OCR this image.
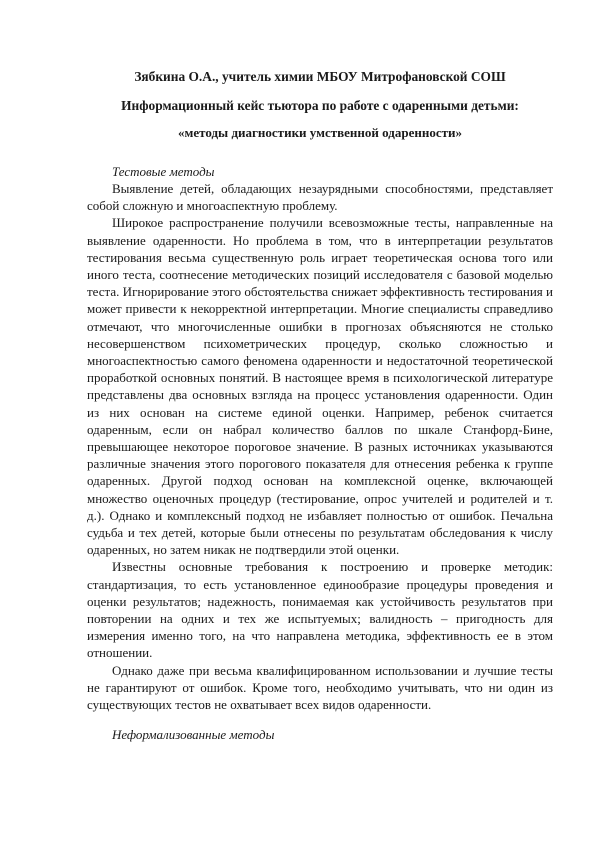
Зябкина О.А., учитель химии МБОУ Митрофановской СОШ

Информационный кейс тьютора по работе с одаренными детьми:

«методы диагностики умственной одаренности»

Тестовые методы

Выявление детей, обладающих незаурядными способностями, представляет собой сложную и многоаспектную проблему.

Широкое распространение получили всевозможные тесты, направленные на выявление одаренности. Но проблема в том, что в интерпретации результатов тестирования весьма существенную роль играет теоретическая основа того или иного теста, соотнесение методических позиций исследователя с базовой моделью теста. Игнорирование этого обстоятельства снижает эффективность тестирования и может привести к некорректной интерпретации. Многие специалисты справедливо отмечают, что многочисленные ошибки в прогнозах объясняются не столько несовершенством психометрических процедур, сколько сложностью и многоаспектностью самого феномена одаренности и недостаточной теоретической проработкой основных понятий. В настоящее время в психологической литературе представлены два основных взгляда на процесс установления одаренности. Один из них основан на системе единой оценки. Например, ребенок считается одаренным, если он набрал количество баллов по шкале Станфорд-Бине, превышающее некоторое пороговое значение. В разных источниках указываются различные значения этого порогового показателя для отнесения ребенка к группе одаренных. Другой подход основан на комплексной оценке, включающей множество оценочных процедур (тестирование, опрос учителей и родителей и т. д.). Однако и комплексный подход не избавляет полностью от ошибок. Печальна судьба и тех детей, которые были отнесены по результатам обследования к числу одаренных, но затем никак не подтвердили этой оценки.

Известны основные требования к построению и проверке методик: стандартизация, то есть установленное единообразие процедуры проведения и оценки результатов; надежность, понимаемая как устойчивость результатов при повторении на одних и тех же испытуемых; валидность – пригодность для измерения именно того, на что направлена методика, эффективность ее в этом отношении.

Однако даже при весьма квалифицированном использовании и лучшие тесты не гарантируют от ошибок. Кроме того, необходимо учитывать, что ни один из существующих тестов не охватывает всех видов одаренности.

Неформализованные методы
